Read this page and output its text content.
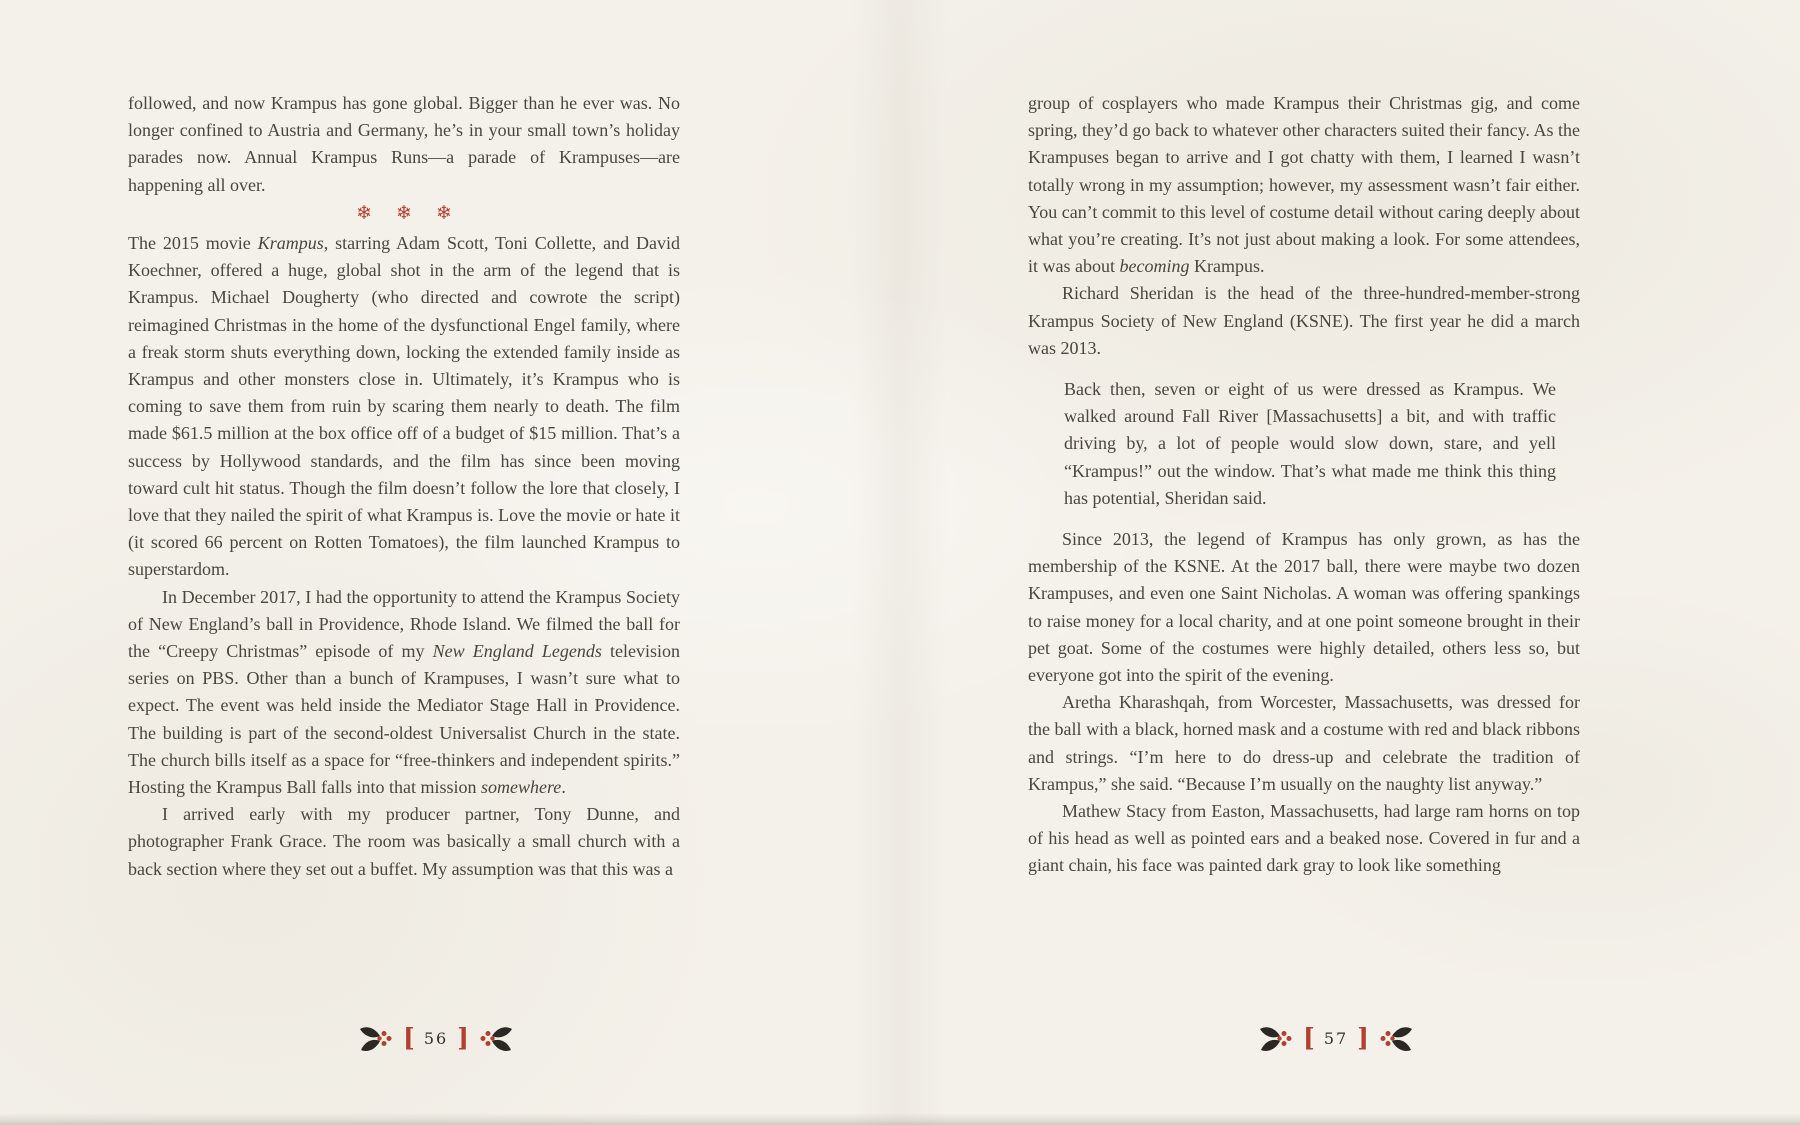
followed, and now Krampus has gone global. Bigger than he ever was. No longer confined to Austria and Germany, he’s in your small town’s holiday parades now. Annual Krampus Runs—a parade of Krampuses—are happening all over.

❄ ❄ ❄

The 2015 movie Krampus, starring Adam Scott, Toni Collette, and David Koechner, offered a huge, global shot in the arm of the legend that is Krampus. Michael Dougherty (who directed and cowrote the script) reimagined Christmas in the home of the dysfunctional Engel family, where a freak storm shuts everything down, locking the extended family inside as Krampus and other monsters close in. Ultimately, it’s Krampus who is coming to save them from ruin by scaring them nearly to death. The film made $61.5 million at the box office off of a budget of $15 million. That’s a success by Hollywood standards, and the film has since been moving toward cult hit status. Though the film doesn’t follow the lore that closely, I love that they nailed the spirit of what Krampus is. Love the movie or hate it (it scored 66 percent on Rotten Tomatoes), the film launched Krampus to superstardom.

In December 2017, I had the opportunity to attend the Krampus Society of New England’s ball in Providence, Rhode Island. We filmed the ball for the “Creepy Christmas” episode of my New England Legends television series on PBS. Other than a bunch of Krampuses, I wasn’t sure what to expect. The event was held inside the Mediator Stage Hall in Providence. The building is part of the second-oldest Universalist Church in the state. The church bills itself as a space for “free-thinkers and independent spirits.” Hosting the Krampus Ball falls into that mission somewhere.

I arrived early with my producer partner, Tony Dunne, and photographer Frank Grace. The room was basically a small church with a back section where they set out a buffet. My assumption was that this was a

group of cosplayers who made Krampus their Christmas gig, and come spring, they’d go back to whatever other characters suited their fancy. As the Krampuses began to arrive and I got chatty with them, I learned I wasn’t totally wrong in my assumption; however, my assessment wasn’t fair either. You can’t commit to this level of costume detail without caring deeply about what you’re creating. It’s not just about making a look. For some attendees, it was about becoming Krampus.

Richard Sheridan is the head of the three-hundred-member-strong Krampus Society of New England (KSNE). The first year he did a march was 2013.

Back then, seven or eight of us were dressed as Krampus. We walked around Fall River [Massachusetts] a bit, and with traffic driving by, a lot of people would slow down, stare, and yell “Krampus!” out the window. That’s what made me think this thing has potential, Sheridan said.

Since 2013, the legend of Krampus has only grown, as has the membership of the KSNE. At the 2017 ball, there were maybe two dozen Krampuses, and even one Saint Nicholas. A woman was offering spankings to raise money for a local charity, and at one point someone brought in their pet goat. Some of the costumes were highly detailed, others less so, but everyone got into the spirit of the evening.

Aretha Kharashqah, from Worcester, Massachusetts, was dressed for the ball with a black, horned mask and a costume with red and black ribbons and strings. “I’m here to do dress-up and celebrate the tradition of Krampus,” she said. “Because I’m usually on the naughty list anyway.”

Mathew Stacy from Easton, Massachusetts, had large ram horns on top of his head as well as pointed ears and a beaked nose. Covered in fur and a giant chain, his face was painted dark gray to look like something

[ 56 ]	[ 57 ]
